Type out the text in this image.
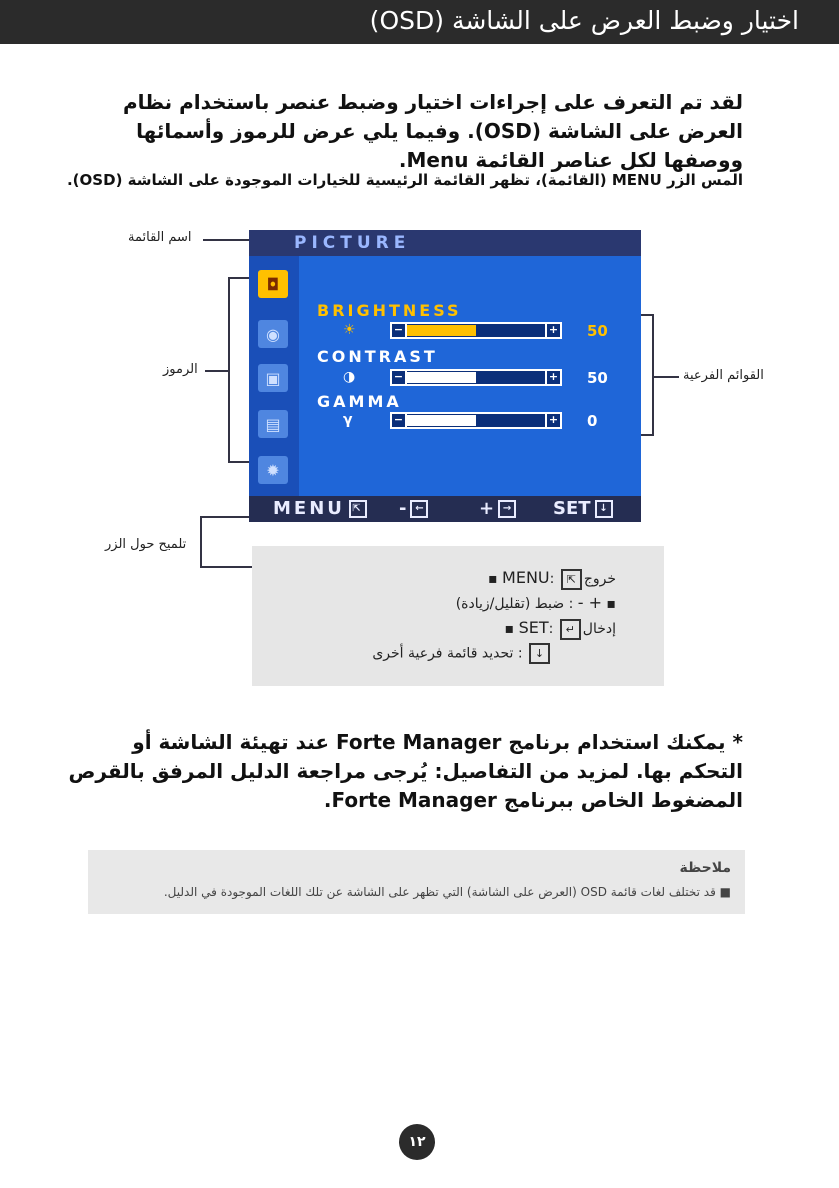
اختيار وضبط العرض على الشاشة (OSD)
لقد تم التعرف على إجراءات اختيار وضبط عنصر باستخدام نظام العرض على الشاشة (OSD). وفيما يلي عرض للرموز وأسمائها ووصفها لكل عناصر القائمة Menu.
المس الزر MENU (القائمة)، تظهر القائمة الرئيسية للخيارات الموجودة على الشاشة (OSD).
اسم القائمة
الرموز	القوائم الفرعية
تلميح حول الزر
PICTURE
◘
◉
▣
▤
✹
BRIGHTNESS
☀	−	+ 50
CONTRAST
◑	−	+ 50
GAMMA
γ	−	+ 0
MENU ⇱ - ←	+ → SET ↓
▪ MENU: ⇱ خروج
▪ + - : ضبط (تقليل/زيادة)
▪ SET: ↵ إدخال
↓ : تحديد قائمة فرعية أخرى
* يمكنك استخدام برنامج Forte Manager عند تهيئة الشاشة أو التحكم بها. لمزيد من التفاصيل: يُرجى مراجعة الدليل المرفق بالقرص المضغوط الخاص ببرنامج Forte Manager.
ملاحظة
■ قد تختلف لغات قائمة OSD (العرض على الشاشة) التي تظهر على الشاشة عن تلك اللغات الموجودة في الدليل.
١٢
